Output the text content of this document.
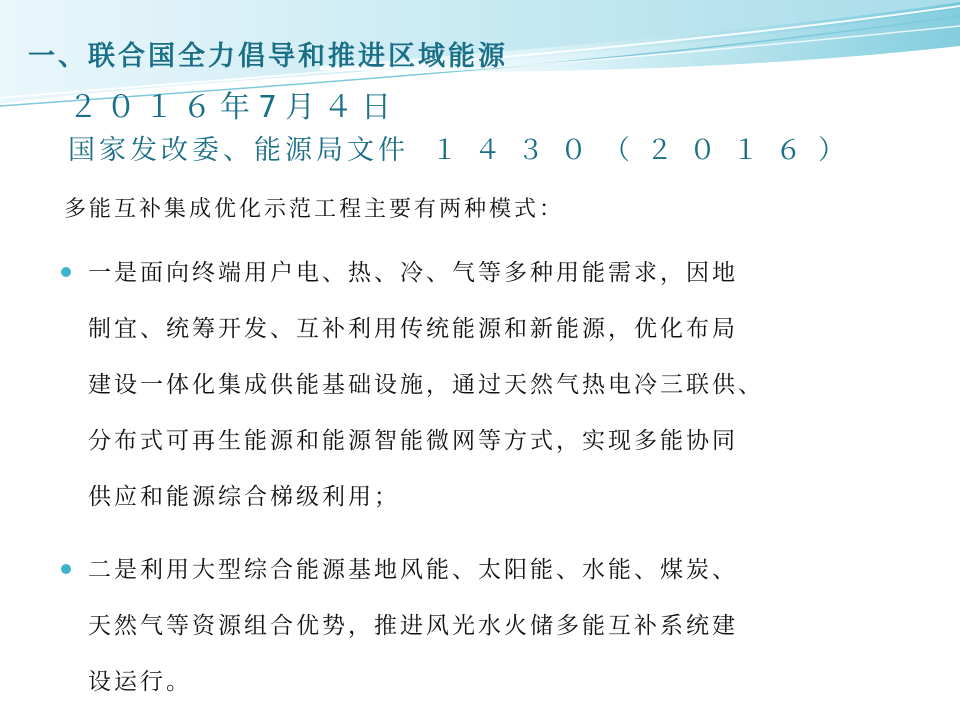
一、联合国全力倡导和推进区域能源
２０１６年7月４日
国家发改委、能源局文件 １４３０（２０１６）
多能互补集成优化示范工程主要有两种模式：
一是面向终端用户电、热、冷、气等多种用能需求，因地
制宜、统筹开发、互补利用传统能源和新能源，优化布局
建设一体化集成供能基础设施，通过天然气热电冷三联供、
分布式可再生能源和能源智能微网等方式，实现多能协同
供应和能源综合梯级利用；
二是利用大型综合能源基地风能、太阳能、水能、煤炭、
天然气等资源组合优势，推进风光水火储多能互补系统建
设运行。
